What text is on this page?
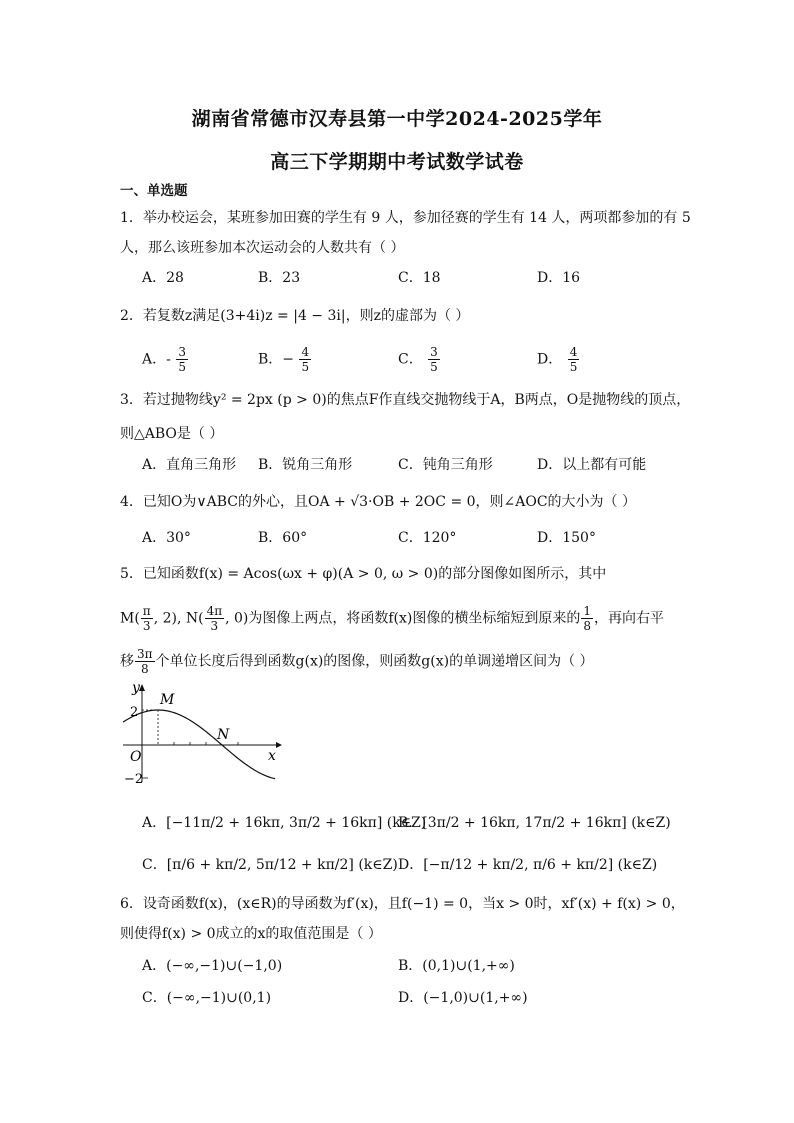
湖南省常德市汉寿县第一中学2024-2025学年
高三下学期期中考试数学试卷
一、单选题
1．举办校运会，某班参加田赛的学生有 9 人，参加径赛的学生有 14 人，两项都参加的有 5
人，那么该班参加本次运动会的人数共有（ ）
A．28	B．23	C．18	D．16
2．若复数z满足(3+4i)z = |4 − 3i|，则z的虚部为（ ）
A．- $\frac{3}{5}$	B．− $\frac{4}{5}$	C． $\frac{3}{5}$	D． $\frac{4}{5}$
3．若过抛物线y² = 2px (p > 0)的焦点F作直线交抛物线于A，B两点，O是抛物线的顶点，
则△ABO是（ ）
A．直角三角形 B．锐角三角形	C．钝角三角形	D．以上都有可能
4．已知O为∨ABC的外心，且OA + √3·OB + 2OC = 0，则∠AOC的大小为（ ）
A．30°	B．60°	C．120°	D．150°
5．已知函数f(x) = Acos(ωx + φ)(A > 0, ω > 0)的部分图像如图所示，其中
$M( \frac{\pi}{3}$ , 2), $N( \frac{4\pi}{3}$ , 0)为图像上两点，将函数f(x)图像的横坐标缩短到原来的 $\frac{1}{8}$ ，再向右平
移 $\frac{3\pi}{8}$ 个单位长度后得到函数g(x)的图像，则函数g(x)的单调递增区间为（ ）
y
x
O
2
−2
M
N
A．[−11π/2 + 16kπ, 3π/2 + 16kπ] (k∈Z)
B．[3π/2 + 16kπ, 17π/2 + 16kπ] (k∈Z)
C．[π/6 + kπ/2, 5π/12 + kπ/2] (k∈Z) D．[−π/12 + kπ/2, π/6 + kπ/2] (k∈Z)
6．设奇函数f(x)，(x∈R)的导函数为f′(x)，且f(−1) = 0，当x > 0时，xf′(x) + f(x) > 0，
则使得f(x) > 0成立的x的取值范围是（ ）
A．(−∞,−1)∪(−1,0)	B．(0,1)∪(1,+∞)
C．(−∞,−1)∪(0,1)	D．(−1,0)∪(1,+∞)
